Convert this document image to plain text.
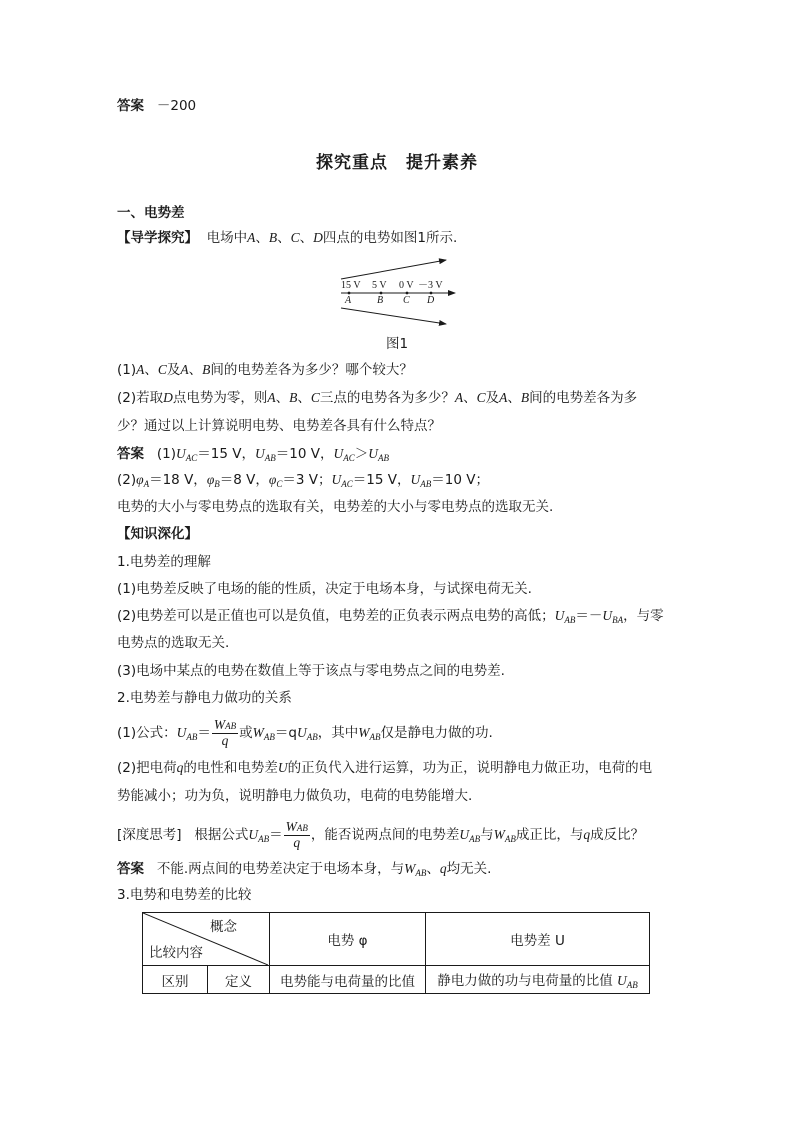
答案 －200
探究重点　提升素养
一、电势差
【导学探究】 电场中A、B、C、D四点的电势如图1所示.
15 V 5 V 0 V －3 V
A	B C D
图1
(1)A、C及A、B间的电势差各为多少？哪个较大？
(2)若取D点电势为零，则A、B、C三点的电势各为多少？A、C及A、B间的电势差各为多
少？通过以上计算说明电势、电势差各具有什么特点？
答案 $(1)U_{AC}=15$ V，$U_{AB}=10$ V，$U_{AC}>U_{AB}$
$(2)\varphi_A=18$ V，$\varphi_B=8$ V，$\varphi_C=3$ V；$U_{AC}=15$ V，$U_{AB}=10$ V；
电势的大小与零电势点的选取有关，电势差的大小与零电势点的选取无关.
【知识深化】
1.电势差的理解
(1)电势差反映了电场的能的性质，决定于电场本身，与试探电荷无关.
(2)电势差可以是正值也可以是负值，电势差的正负表示两点电势的高低；$U_{AB}=-U_{BA}$，与零
电势点的选取无关.
(3)电场中某点的电势在数值上等于该点与零电势点之间的电势差.
2.电势差与静电力做功的关系
(1)公式：$U_{AB}= \frac{\text{WAB}}{q}$ 或$W_{AB}=qU_{AB}$，其中$W_{AB}$仅是静电力做的功.
(2)把电荷q的电性和电势差U的正负代入进行运算，功为正，说明静电力做正功，电荷的电
势能减小；功为负，说明静电力做负功，电荷的电势能增大.
[深度思考] 根据公式$U_{AB}= \frac{\text{WAB}}{q}$ ，能否说两点间的电势差$U_{AB}$与$W_{AB}$成正比，与q成反比？
答案 不能.两点间的电势差决定于电场本身，与$W_{AB}$、q均无关.
3.电势和电势差的比较
概念
比较内容		电势 φ	电势差 U
区别	定义	电势能与电荷量的比值	静电力做的功与电荷量的比值 $U_{AB}$
